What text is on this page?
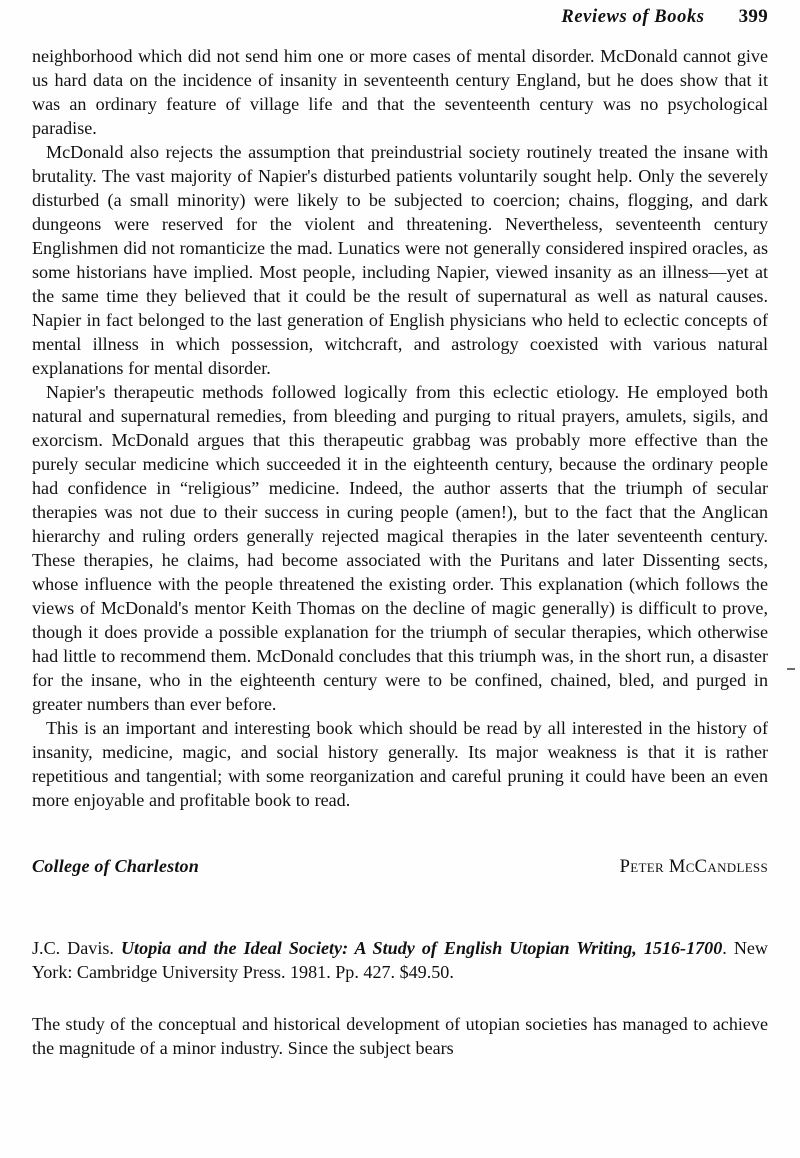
Reviews of Books 399

neighborhood which did not send him one or more cases of mental disorder. McDonald cannot give us hard data on the incidence of insanity in seventeenth century England, but he does show that it was an ordinary feature of village life and that the seventeenth century was no psychological paradise.

McDonald also rejects the assumption that preindustrial society routinely treated the insane with brutality. The vast majority of Napier's disturbed patients voluntarily sought help. Only the severely disturbed (a small minority) were likely to be subjected to coercion; chains, flogging, and dark dungeons were reserved for the violent and threatening. Nevertheless, seventeenth century Englishmen did not romanticize the mad. Lunatics were not generally considered inspired oracles, as some historians have implied. Most people, including Napier, viewed insanity as an illness—yet at the same time they believed that it could be the result of supernatural as well as natural causes. Napier in fact belonged to the last generation of English physicians who held to eclectic concepts of mental illness in which possession, witchcraft, and astrology coexisted with various natural explanations for mental disorder.

Napier's therapeutic methods followed logically from this eclectic etiology. He employed both natural and supernatural remedies, from bleeding and purging to ritual prayers, amulets, sigils, and exorcism. McDonald argues that this therapeutic grabbag was probably more effective than the purely secular medicine which succeeded it in the eighteenth century, because the ordinary people had confidence in “religious” medicine. Indeed, the author asserts that the triumph of secular therapies was not due to their success in curing people (amen!), but to the fact that the Anglican hierarchy and ruling orders generally rejected magical therapies in the later seventeenth century. These therapies, he claims, had become associated with the Puritans and later Dissenting sects, whose influence with the people threatened the existing order. This explanation (which follows the views of McDonald's mentor Keith Thomas on the decline of magic generally) is difficult to prove, though it does provide a possible explanation for the triumph of secular therapies, which otherwise had little to recommend them. McDonald concludes that this triumph was, in the short run, a disaster for the insane, who in the eighteenth century were to be confined, chained, bled, and purged in greater numbers than ever before.

This is an important and interesting book which should be read by all interested in the history of insanity, medicine, magic, and social history generally. Its major weakness is that it is rather repetitious and tangential; with some reorganization and careful pruning it could have been an even more enjoyable and profitable book to read.

College of Charleston	Peter McCandless
J.C. Davis. Utopia and the Ideal Society: A Study of English Utopian Writing, 1516-1700. New York: Cambridge University Press. 1981. Pp. 427. $49.50.

The study of the conceptual and historical development of utopian societies has managed to achieve the magnitude of a minor industry. Since the subject bears
